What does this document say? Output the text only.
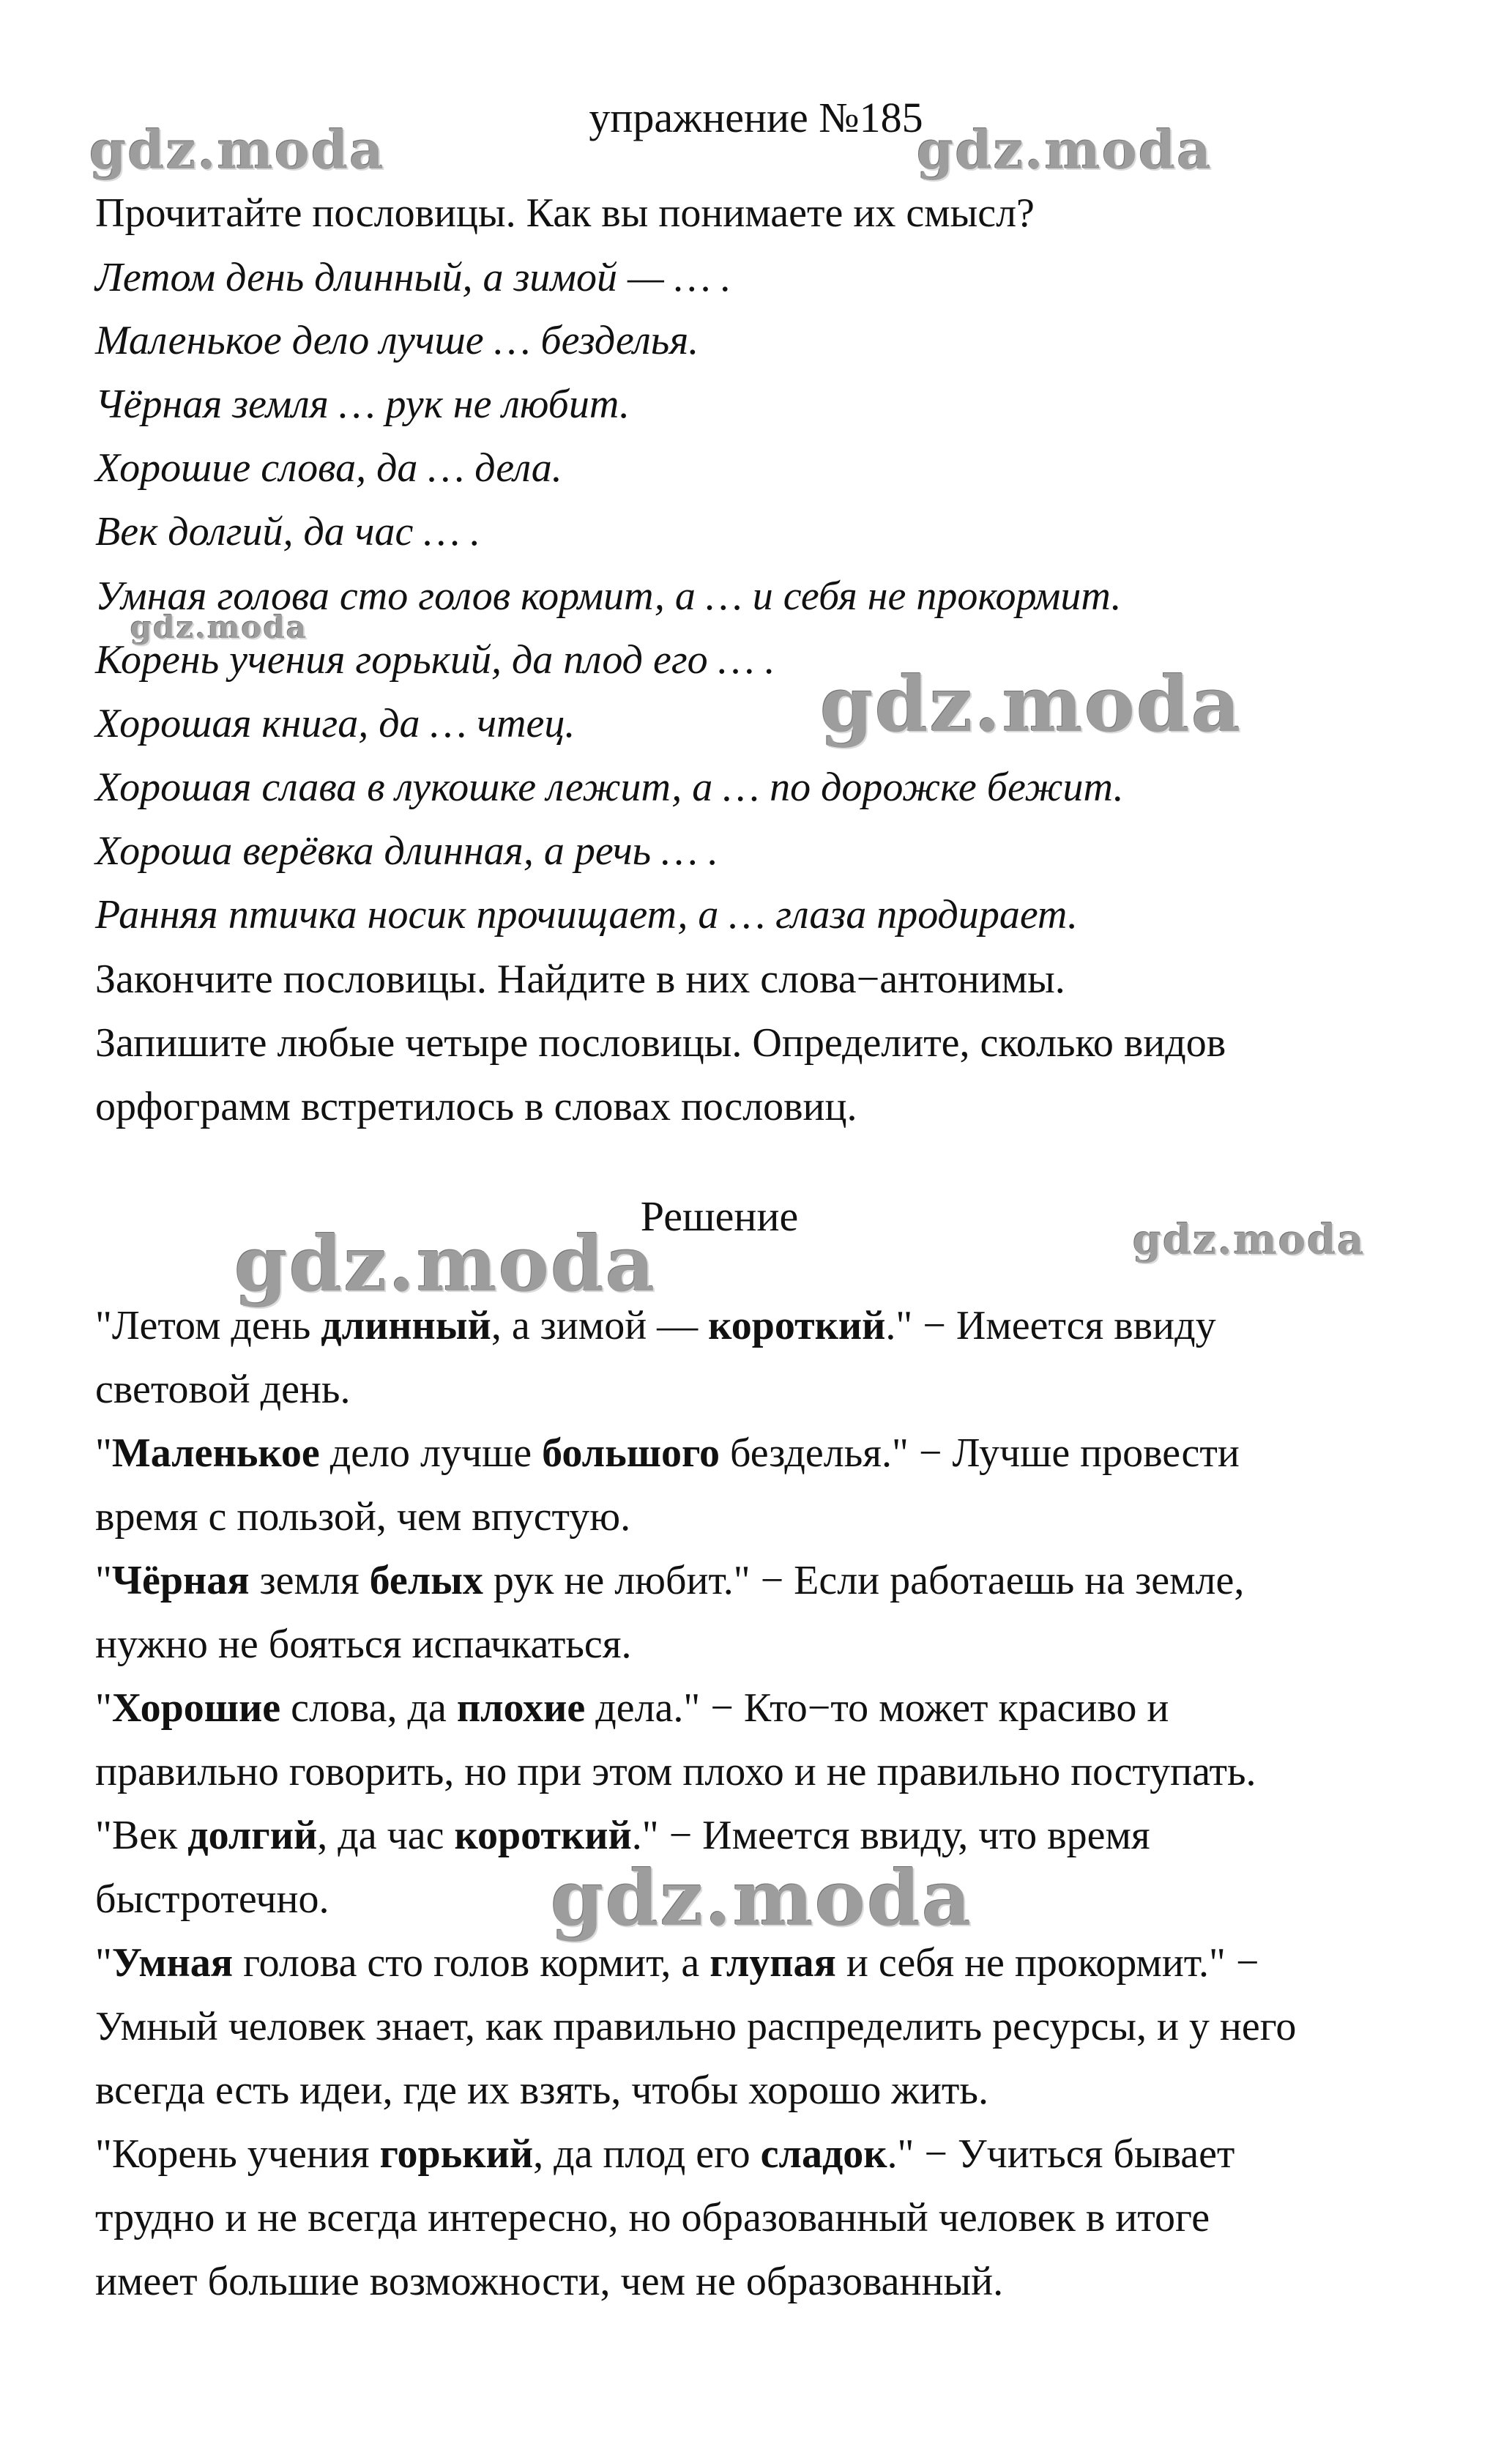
упражнение №185
Прочитайте пословицы. Как вы понимаете их смысл?
Летом день длинный, а зимой — … .
Маленькое дело лучше … безделья.
Чёрная земля … рук не любит.
Хорошие слова, да … дела.
Век долгий, да час … .
Умная голова сто голов кормит, а … и себя не прокормит.
Корень учения горький, да плод его … .
Хорошая книга, да … чтец.
Хорошая слава в лукошке лежит, а … по дорожке бежит.
Хороша верёвка длинная, а речь … .
Ранняя птичка носик прочищает, а … глаза продирает.
Закончите пословицы. Найдите в них слова−антонимы.
Запишите любые четыре пословицы. Определите, сколько видов
орфограмм встретилось в словах пословиц.
Решение
"Летом день длинный, а зимой — короткий." − Имеется ввиду
световой день.
"Маленькое дело лучше большого безделья." − Лучше провести
время с пользой, чем впустую.
"Чёрная земля белых рук не любит." − Если работаешь на земле,
нужно не бояться испачкаться.
"Хорошие слова, да плохие дела." − Кто−то может красиво и
правильно говорить, но при этом плохо и не правильно поступать.
"Век долгий, да час короткий." − Имеется ввиду, что время
быстротечно.
"Умная голова сто голов кормит, а глупая и себя не прокормит." −
Умный человек знает, как правильно распределить ресурсы, и у него
всегда есть идеи, где их взять, чтобы хорошо жить.
"Корень учения горький, да плод его сладок." − Учиться бывает
трудно и не всегда интересно, но образованный человек в итоге
имеет большие возможности, чем не образованный.
gdz.moda	gdz.moda
gdz.moda
gdz.moda
gdz.moda	gdz.moda
gdz.moda
